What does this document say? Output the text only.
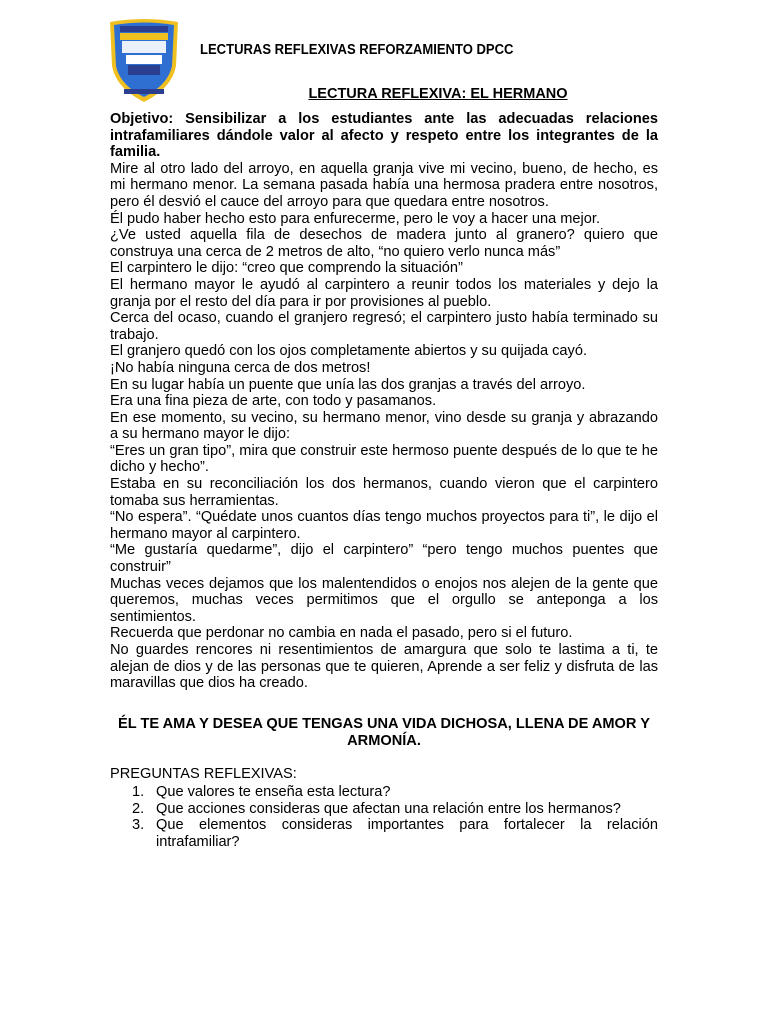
LECTURAS REFLEXIVAS REFORZAMIENTO DPCC
LECTURA REFLEXIVA: EL HERMANO

Objetivo: Sensibilizar a los estudiantes ante las adecuadas relaciones intrafamiliares dándole valor al afecto y respeto entre los integrantes de la familia.

Mire al otro lado del arroyo, en aquella granja vive mi vecino, bueno, de hecho, es mi hermano menor. La semana pasada había una hermosa pradera entre nosotros, pero él desvió el cauce del arroyo para que quedara entre nosotros.

Él pudo haber hecho esto para enfurecerme, pero le voy a hacer una mejor.

¿Ve usted aquella fila de desechos de madera junto al granero? quiero que construya una cerca de 2 metros de alto, “no quiero verlo nunca más”

El carpintero le dijo: “creo que comprendo la situación”

El hermano mayor le ayudó al carpintero a reunir todos los materiales y dejo la granja por el resto del día para ir por provisiones al pueblo.

Cerca del ocaso, cuando el granjero regresó; el carpintero justo había terminado su trabajo.

El granjero quedó con los ojos completamente abiertos y su quijada cayó.

¡No había ninguna cerca de dos metros!

En su lugar había un puente que unía las dos granjas a través del arroyo.

Era una fina pieza de arte, con todo y pasamanos.

En ese momento, su vecino, su hermano menor, vino desde su granja y abrazando a su hermano mayor le dijo:

“Eres un gran tipo”, mira que construir este hermoso puente después de lo que te he dicho y hecho”.

Estaba en su reconciliación los dos hermanos, cuando vieron que el carpintero tomaba sus herramientas.

“No espera”. “Quédate unos cuantos días tengo muchos proyectos para ti”, le dijo el hermano mayor al carpintero.

“Me gustaría quedarme”, dijo el carpintero” “pero tengo muchos puentes que construir”

Muchas veces dejamos que los malentendidos o enojos nos alejen de la gente que queremos, muchas veces permitimos que el orgullo se anteponga a los sentimientos.

Recuerda que perdonar no cambia en nada el pasado, pero si el futuro.

No guardes rencores ni resentimientos de amargura que solo te lastima a ti, te alejan de dios y de las personas que te quieren, Aprende a ser feliz y disfruta de las maravillas que dios ha creado.

ÉL TE AMA Y DESEA QUE TENGAS UNA VIDA DICHOSA, LLENA DE AMOR Y ARMONÍA.

PREGUNTAS REFLEXIVAS:

1. Que valores te enseña esta lectura?
2. Que acciones consideras que afectan una relación entre los hermanos?
3. Que elementos consideras importantes para fortalecer la relación intrafamiliar?
